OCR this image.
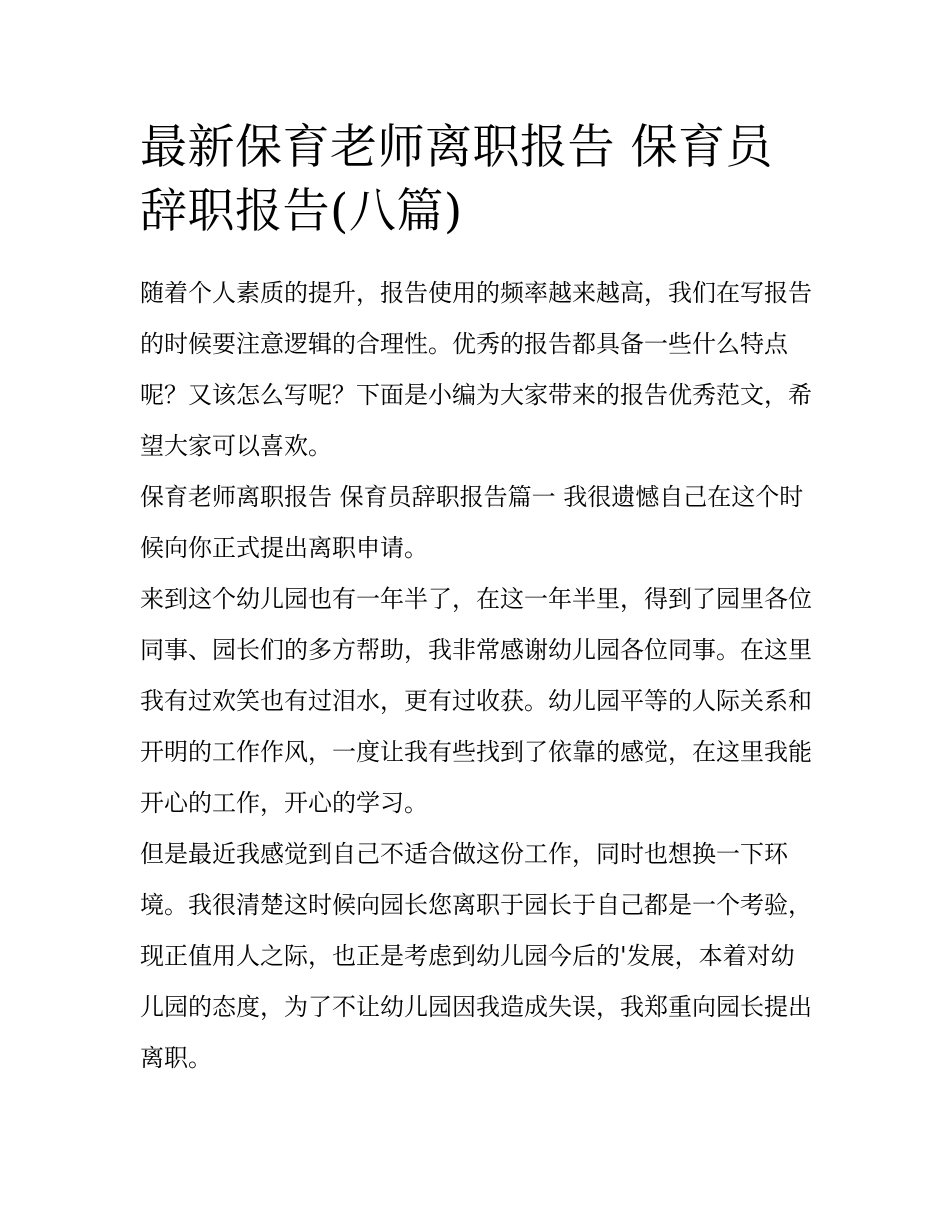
最新保育老师离职报告 保育员辞职报告(八篇)

随着个人素质的提升，报告使用的频率越来越高，我们在写报告的时候要注意逻辑的合理性。优秀的报告都具备一些什么特点呢？又该怎么写呢？下面是小编为大家带来的报告优秀范文，希望大家可以喜欢。

保育老师离职报告 保育员辞职报告篇一 我很遗憾自己在这个时候向你正式提出离职申请。

来到这个幼儿园也有一年半了，在这一年半里，得到了园里各位同事、园长们的多方帮助，我非常感谢幼儿园各位同事。在这里我有过欢笑也有过泪水，更有过收获。幼儿园平等的人际关系和开明的工作作风，一度让我有些找到了依靠的感觉，在这里我能开心的工作，开心的学习。

但是最近我感觉到自己不适合做这份工作，同时也想换一下环境。我很清楚这时候向园长您离职于园长于自己都是一个考验，现正值用人之际，也正是考虑到幼儿园今后的'发展，本着对幼儿园的态度，为了不让幼儿园因我造成失误，我郑重向园长提出离职。
